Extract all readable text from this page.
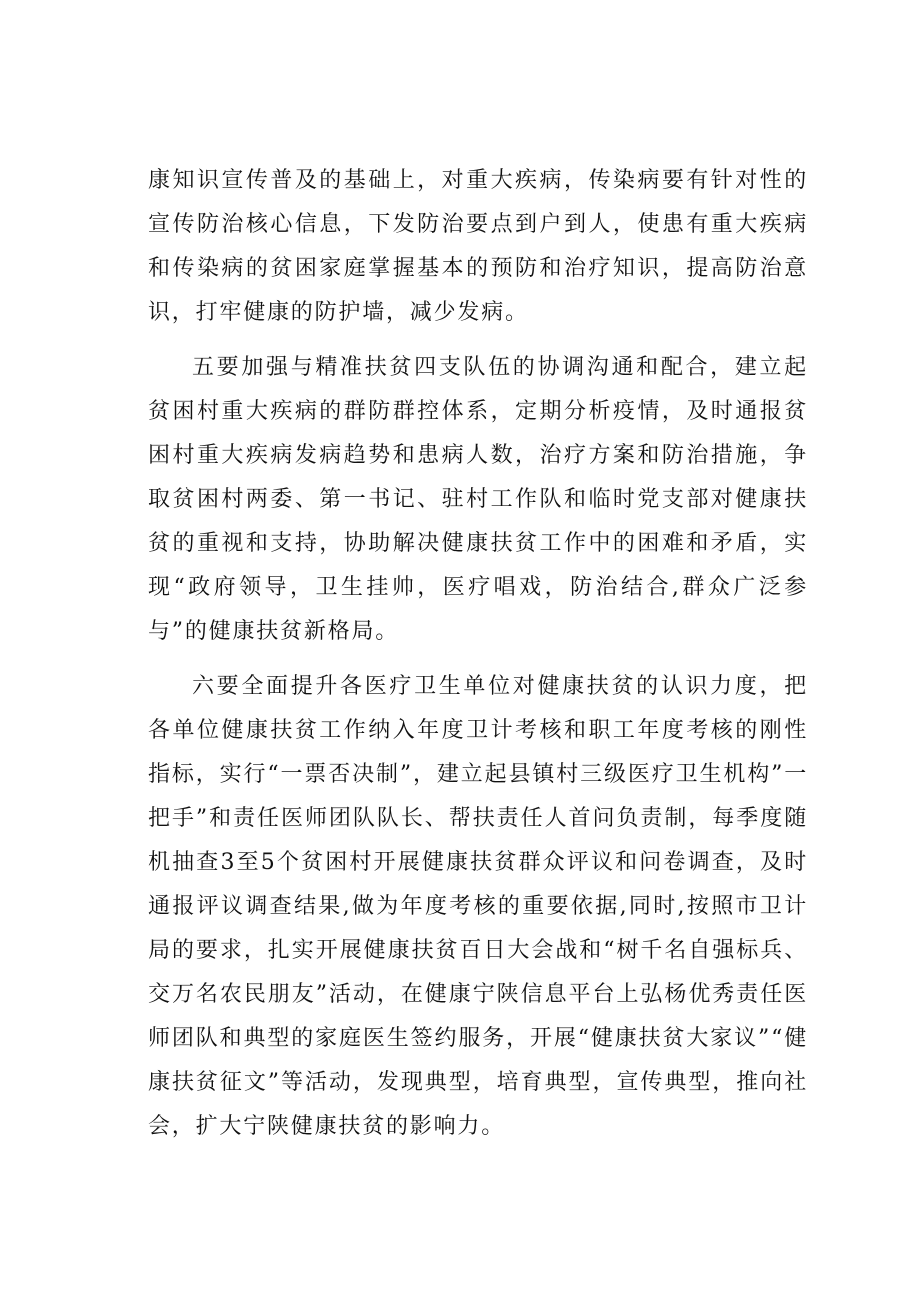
康知识宣传普及的基础上，对重大疾病，传染病要有针对性的宣传防治核心信息，下发防治要点到户到人，使患有重大疾病和传染病的贫困家庭掌握基本的预防和治疗知识，提高防治意识，打牢健康的防护墙，减少发病。

五要加强与精准扶贫四支队伍的协调沟通和配合，建立起贫困村重大疾病的群防群控体系，定期分析疫情，及时通报贫困村重大疾病发病趋势和患病人数，治疗方案和防治措施，争取贫困村两委、第一书记、驻村工作队和临时党支部对健康扶贫的重视和支持，协助解决健康扶贫工作中的困难和矛盾，实现“政府领导，卫生挂帅，医疗唱戏，防治结合,群众广泛参与”的健康扶贫新格局。

六要全面提升各医疗卫生单位对健康扶贫的认识力度，把各单位健康扶贫工作纳入年度卫计考核和职工年度考核的刚性指标，实行“一票否决制”，建立起县镇村三级医疗卫生机构”一把手”和责任医师团队队长、帮扶责任人首问负责制，每季度随机抽查3至5个贫困村开展健康扶贫群众评议和问卷调查，及时通报评议调查结果,做为年度考核的重要依据,同时,按照市卫计局的要求，扎实开展健康扶贫百日大会战和“树千名自强标兵、交万名农民朋友”活动，在健康宁陕信息平台上弘杨优秀责任医师团队和典型的家庭医生签约服务，开展“健康扶贫大家议”“健康扶贫征文”等活动，发现典型，培育典型，宣传典型，推向社会，扩大宁陕健康扶贫的影响力。
